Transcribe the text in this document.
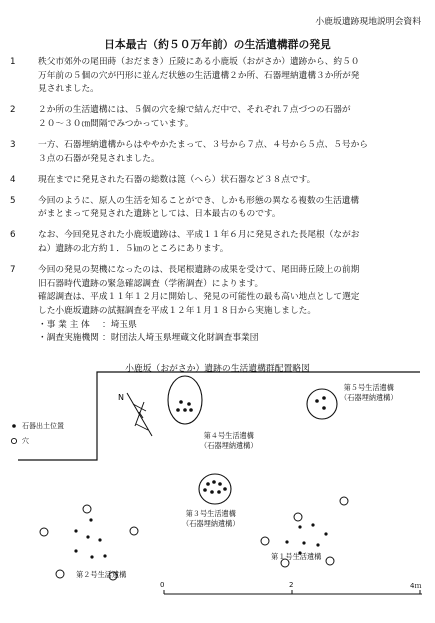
小鹿坂遺跡現地説明会資料
日本最古（約５０万年前）の生活遺構群の発見
1	秩父市郊外の尾田蒔（おだまき）丘陵にある小鹿坂（おがさか）遺跡から、約５０
万年前の５個の穴が円形に並んだ状態の生活遺構２か所、石器埋納遺構３か所が発
見されました。
2	２か所の生活遺構には、５個の穴を線で結んだ中で、それぞれ７点づつの石器が
２０～３０㎝間隔でみつかっています。
3	一方、石器埋納遺構からはややかたまって、３号から７点、４号から５点、５号から
３点の石器が発見されました。
4	現在までに発見された石器の総数は箆（へら）状石器など３８点です。
5	今回のように、原人の生活を知ることができ、しかも形態の異なる複数の生活遺構
がまとまって発見された遺跡としては、日本最古のものです。
6	なお、今回発見された小鹿坂遺跡は、平成１１年６月に発見された長尾根（ながお
ね）遺跡の北方約１．５㎞のところにあります。
7	今回の発見の契機になったのは、長尾根遺跡の成果を受けて、尾田蒔丘陵上の前期
旧石器時代遺跡の緊急確認調査（学術調査）によります。
確認調査は、平成１１年１２月に開始し、発見の可能性の最も高い地点として選定
した小鹿坂遺跡の試掘調査を平成１２年１月１８日から実施しました。
・事 業 主 体 ：埼玉県
・調査実施機関 ：財団法人埼玉県埋蔵文化財調査事業団
小鹿坂（おがさか）遺跡の生活遺構群配置略図
N
石器出土位置
穴
第４号生活遺構
（石器埋納遺構）
第５号生活遺構
（石器埋納遺構）
第３号生活遺構
（石器埋納遺構）
第２号生活遺構
第１号生活遺構
0	2	4ｍ
